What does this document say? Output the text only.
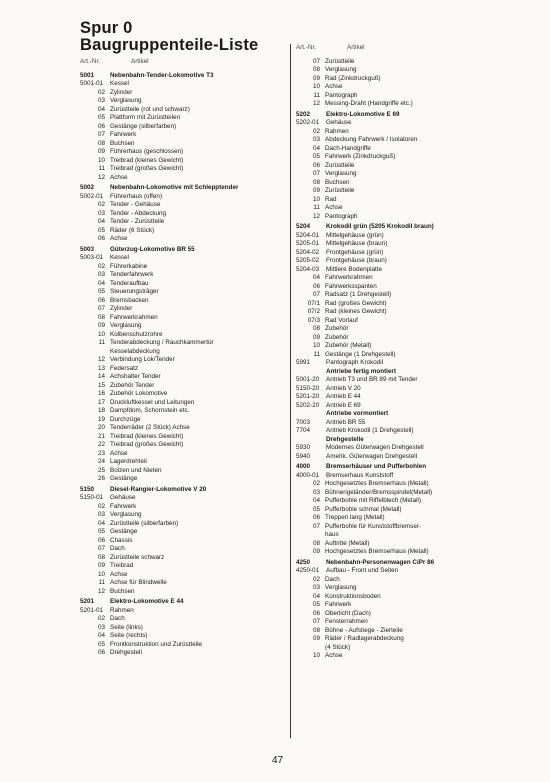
Spur 0
Baugruppenteile-Liste
Art.-Nr.	Artikel
5001	Nebenbahn-Tender-Lokomotive T3
5001-01	Kessel
02 Zylinder
03 Verglasung
04 Zurüstteile (rot und schwarz)
05 Plattform mit Zurüstteilen
06 Gestänge (silberfarben)
07 Fahrwerk
08 Buchsen
09 Führerhaus (geschlossen)
10 Treibrad (kleines Gewicht)
11 Treibrad (großes Gewicht)
12 Achse
5002	Nebenbahn-Lokomotive mit Schlepptender
5002-01	Führerhaus (offen)
02 Tender - Gehäuse
03 Tender - Abdeckung
04 Tender - Zurüstteile
05 Räder (6 Stück)
06 Achse
5003	Güterzug-Lokomotive BR 55
5003-01	Kessel
02 Führerkabine
03 Tenderfahrwerk
04 Tenderaufbau
05 Steuerungsträger
06 Bremsbacken
07 Zylinder
08 Fahrwerkrahmen
09 Verglasung
10 Kolbenschutzrohre
11 Tenderabdeckung / Rauchkammertür
Kesselabdeckung
12 Verbindung Lok/Tender
13 Federsatz
14 Achshalter Tender
15 Zubehör Tender
16 Zubehör Lokomotive
17 Druckluftkessel und Leitungen
18 Dampfdom, Schornstein etc.
19 Durchzüge
20 Tenderräder (2 Stück) Achse
21 Treibrad (kleines Gewicht)
22 Treibrad (großes Gewicht)
23 Achse
24 Lagerdrehteil
25 Bolzen und Nieten
26 Gestänge
5150	Diesel-Rangier-Lokomotive V 20
5150-01	Gehäuse
02 Fahrwerk
03 Verglasung
04 Zurüstteile (silberfarben)
05 Gestänge
06 Chassis
07 Dach
08 Zurüstteile schwarz
09 Treibrad
10 Achse
11 Achse für Blindwelle
12 Buchsen
5201	Elektro-Lokomotive E 44
5201-01	Rahmen
02 Dach
03 Seite (links)
04 Seite (rechts)
05 Frontkonstruktion und Zurüstteile
06 Drehgestell
Art.-Nr.	Artikel
07 Zurüstteile
08 Verglasung
09 Rad (Zinkdruckguß)
10 Achse
11 Pantograph
12 Messing-Draht (Handgriffe etc.)
5202	Elektro-Lokomotive E 69
5202-01	Gehäuse
02 Rahmen
03 Abdeckung Fahrwerk / Isolatoren
04 Dach-Handgriffe
05 Fahrwerk (Zinkdruckguß)
06 Zurüstteile
07 Verglasung
08 Buchsen
09 Zurüstteile
10 Rad
11 Achse
12 Pantograph
5204	Krokodil grün (5205 Krokodil braun)
5204-01	Mittelgehäuse (grün)
5205-01	Mittelgehäuse (braun)
5204-02	Frontgehäuse (grün)
5205-02	Frontgehäuse (braun)
5204-03	Mittlere Bodenplatte
04 Fahrwerkrahmen
06 Fahrwerksspanten
07 Radsatz (1 Drehgestell)
07/1 Rad (großes Gewicht)
07/2 Rad (kleines Gewicht)
07/3 Rad Vorlauf
08 Zubehör
09 Zubehör
10 Zubehör (Metall)
11 Gestänge (1 Drehgestell)
5991	Pantograph Krokodil
Antriebe fertig montiert
5001-20	Antrieb T3 und BR 89 mit Tender
5150-20	Antrieb V 20
5201-20	Antrieb E 44
5202-20	Antrieb E 69
Antriebe vormontiert
7003	Antrieb BR 55
7704	Antrieb Krokodil (1 Drehgestell)
Drehgestelle
5930	Modernes Güterwagen Drehgestell
5940	Amerik. Güterwagen Drehgestell
4000	Bremserhäuser und Pufferbohlen
4000-01	Bremserhaus Kunststoff
02 Hochgesetztes Bremserhaus (Metall)
03 Bühnengeländer/Bremsspindel(Metall)
04 Pufferbohle mit Riffelblech (Metall)
05 Pufferbohle schmal (Metall)
06 Treppen lang (Metall)
07 Pufferbohle für Kunststoffbremser-
haus
08 Auftritte (Metall)
09 Hochgesetztes Bremserhaus (Metall)
4250	Nebenbahn-Personenwagen CiPr 86
4250-01	Aufbau - Front und Seiten
02 Dach
03 Verglasung
04 Konstruktionsboden
05 Fahrwerk
06 Oberlicht (Dach)
07 Fensterrahmen
08 Bühne - Aufstiege - Zierteile
09 Räder / Radlagerabdeckung
(4 Stück)
10 Achse
47
